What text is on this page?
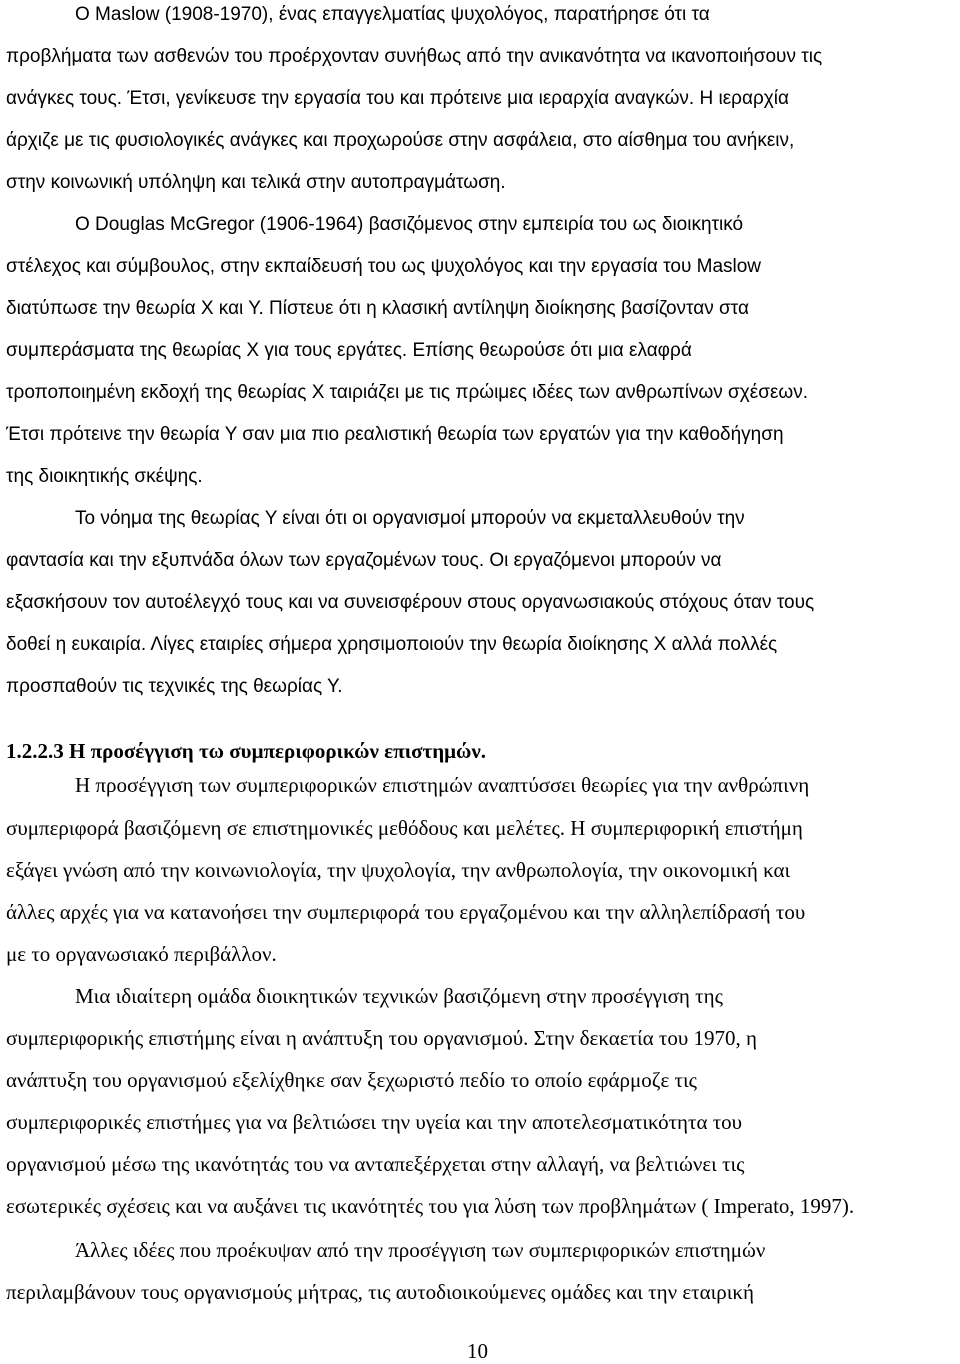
Ο Maslow (1908-1970), ένας επαγγελματίας ψυχολόγος, παρατήρησε ότι τα
προβλήματα των ασθενών του προέρχονταν συνήθως από την ανικανότητα να ικανοποιήσουν τις
ανάγκες τους. Έτσι, γενίκευσε την εργασία του και πρότεινε μια ιεραρχία αναγκών. Η ιεραρχία
άρχιζε με τις φυσιολογικές ανάγκες και προχωρούσε στην ασφάλεια, στο αίσθημα του ανήκειν,
στην κοινωνική υπόληψη και τελικά στην αυτοπραγμάτωση.
Ο Douglas McGregor (1906-1964) βασιζόμενος στην εμπειρία του ως διοικητικό
στέλεχος και σύμβουλος, στην εκπαίδευσή του ως ψυχολόγος και την εργασία του Maslow
διατύπωσε την θεωρία Χ και Υ. Πίστευε ότι η κλασική αντίληψη διοίκησης βασίζονταν στα
συμπεράσματα της θεωρίας Χ για τους εργάτες. Επίσης θεωρούσε ότι μια ελαφρά
τροποποιημένη εκδοχή της θεωρίας Χ ταιριάζει με τις πρώιμες ιδέες των ανθρωπίνων σχέσεων.
Έτσι πρότεινε την θεωρία Υ σαν μια πιο ρεαλιστική θεωρία των εργατών για την καθοδήγηση
της διοικητικής σκέψης.
Το νόημα της θεωρίας Υ είναι ότι οι οργανισμοί μπορούν να εκμεταλλευθούν την
φαντασία και την εξυπνάδα όλων των εργαζομένων τους. Οι εργαζόμενοι μπορούν να
εξασκήσουν τον αυτοέλεγχό τους και να συνεισφέρουν στους οργανωσιακούς στόχους όταν τους
δοθεί η ευκαιρία. Λίγες εταιρίες σήμερα χρησιμοποιούν την θεωρία διοίκησης Χ αλλά πολλές
προσπαθούν τις τεχνικές της θεωρίας Υ.
1.2.2.3 Η προσέγγιση τω συμπεριφορικών επιστημών.
Η προσέγγιση των συμπεριφορικών επιστημών αναπτύσσει θεωρίες για την ανθρώπινη
συμπεριφορά βασιζόμενη σε επιστημονικές μεθόδους και μελέτες. Η συμπεριφορική επιστήμη
εξάγει γνώση από την κοινωνιολογία, την ψυχολογία, την ανθρωπολογία, την οικονομική και
άλλες αρχές για να κατανοήσει την συμπεριφορά του εργαζομένου και την αλληλεπίδρασή του
με το οργανωσιακό περιβάλλον.
Μια ιδιαίτερη ομάδα διοικητικών τεχνικών βασιζόμενη στην προσέγγιση της
συμπεριφορικής επιστήμης είναι η ανάπτυξη του οργανισμού. Στην δεκαετία του 1970, η
ανάπτυξη του οργανισμού εξελίχθηκε σαν ξεχωριστό πεδίο το οποίο εφάρμοζε τις
συμπεριφορικές επιστήμες για να βελτιώσει την υγεία και την αποτελεσματικότητα του
οργανισμού μέσω της ικανότητάς του να ανταπεξέρχεται στην αλλαγή, να βελτιώνει τις
εσωτερικές σχέσεις και να αυξάνει τις ικανότητές του για λύση των προβλημάτων ( Imperato, 1997).
Άλλες ιδέες που προέκυψαν από την προσέγγιση των συμπεριφορικών επιστημών
περιλαμβάνουν τους οργανισμούς μήτρας, τις αυτοδιοικούμενες ομάδες και την εταιρική
10
